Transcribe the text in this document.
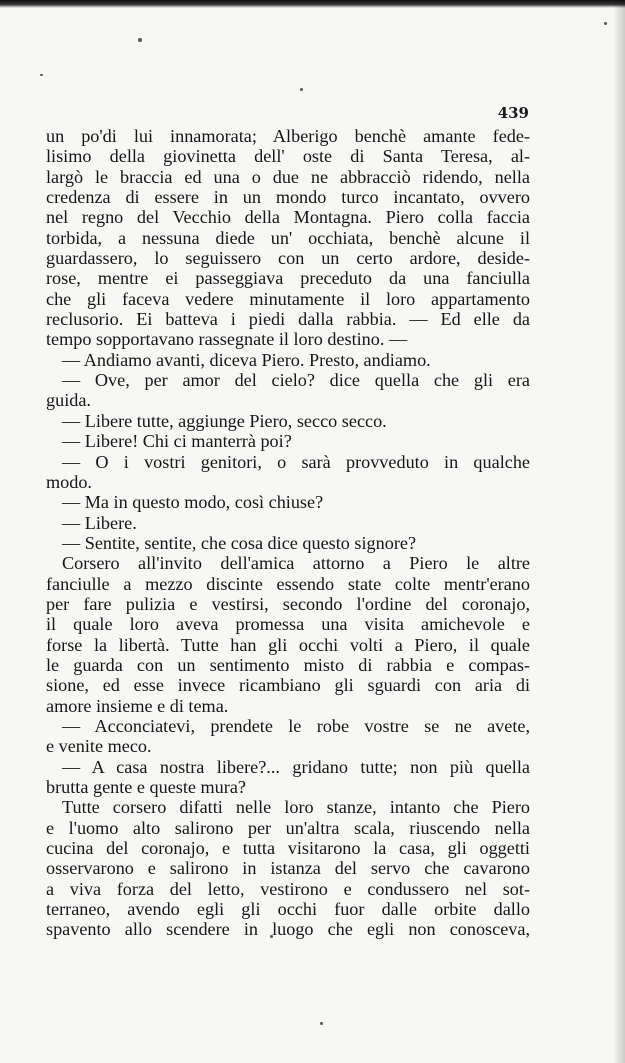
439
un po'di lui innamorata; Alberigo benchè amante fede-
lisimo della giovinetta dell' oste di Santa Teresa, al-
largò le braccia ed una o due ne abbracciò ridendo, nella
credenza di essere in un mondo turco incantato, ovvero
nel regno del Vecchio della Montagna. Piero colla faccia
torbida, a nessuna diede un' occhiata, benchè alcune il
guardassero, lo seguissero con un certo ardore, deside-
rose, mentre ei passeggiava preceduto da una fanciulla
che gli faceva vedere minutamente il loro appartamento
reclusorio. Ei batteva i piedi dalla rabbia. — Ed elle da
tempo sopportavano rassegnate il loro destino. —
— Andiamo avanti, diceva Piero. Presto, andiamo.
— Ove, per amor del cielo? dice quella che gli era
guida.
— Libere tutte, aggiunge Piero, secco secco.
— Libere! Chi ci manterrà poi?
— O i vostri genitori, o sarà provveduto in qualche
modo.
— Ma in questo modo, così chiuse?
— Libere.
— Sentite, sentite, che cosa dice questo signore?
Corsero all'invito dell'amica attorno a Piero le altre
fanciulle a mezzo discinte essendo state colte mentr'erano
per fare pulizia e vestirsi, secondo l'ordine del coronajo,
il quale loro aveva promessa una visita amichevole e
forse la libertà. Tutte han gli occhi volti a Piero, il quale
le guarda con un sentimento misto di rabbia e compas-
sione, ed esse invece ricambiano gli sguardi con aria di
amore insieme e di tema.
— Acconciatevi, prendete le robe vostre se ne avete,
e venite meco.
— A casa nostra libere?... gridano tutte; non più quella
brutta gente e queste mura?
Tutte corsero difatti nelle loro stanze, intanto che Piero
e l'uomo alto salirono per un'altra scala, riuscendo nella
cucina del coronajo, e tutta visitarono la casa, gli oggetti
osservarono e salirono in istanza del servo che cavarono
a viva forza del letto, vestirono e condussero nel sot-
terraneo, avendo egli gli occhi fuor dalle orbite dallo
spavento allo scendere in luogo che egli non conosceva,
